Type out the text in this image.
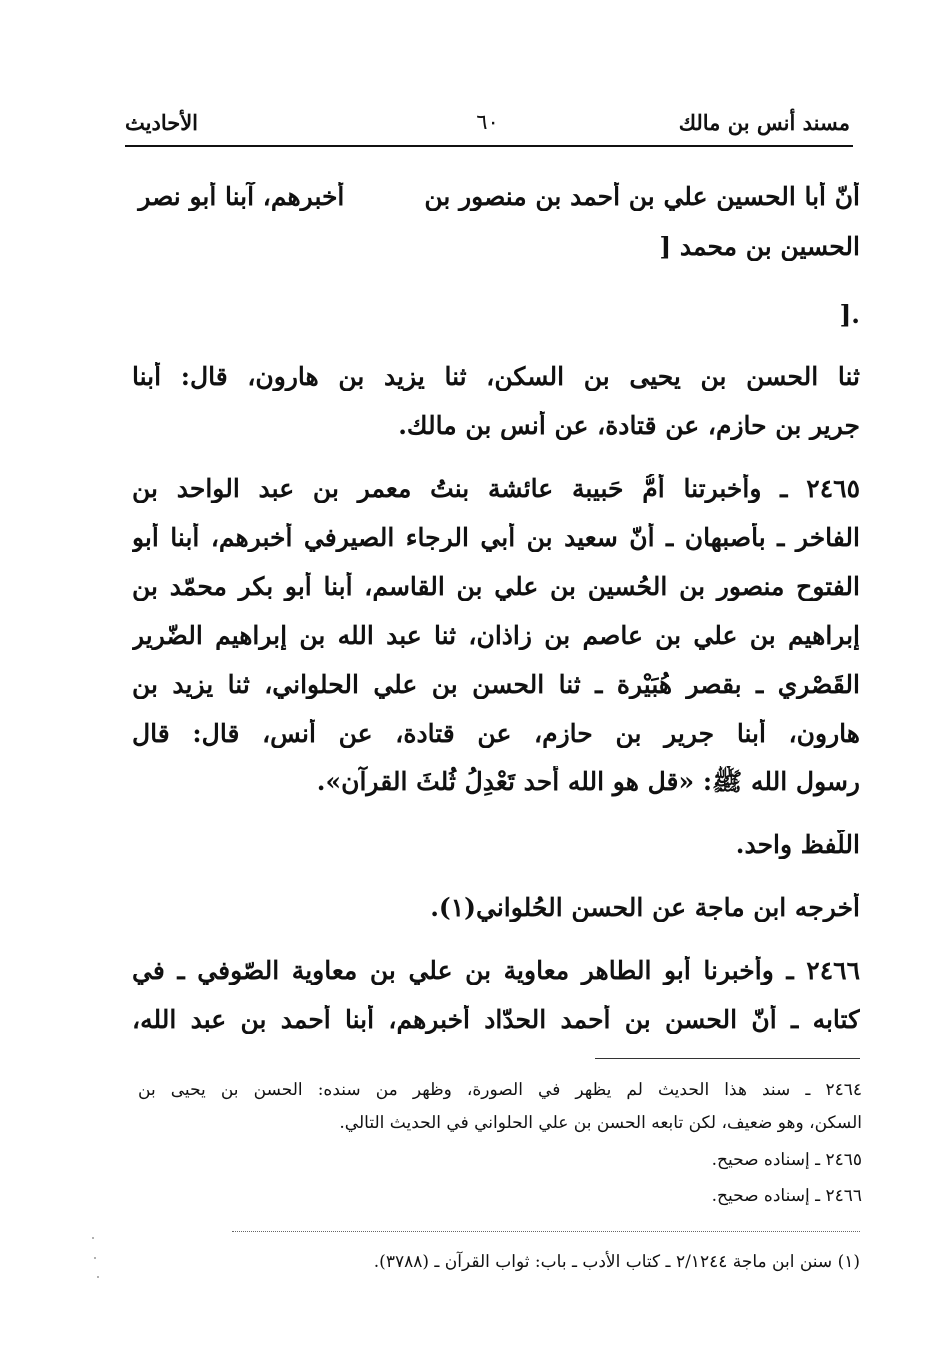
مسند أنس بن مالك
٦٠
الأحاديث
أنّ أبا الحسين علي بن أحمد بن منصور بنأخبرهم، آبنا أبو نصر
الحسين بن محمد [
.[
ثنا الحسن بن يحيى بن السكن، ثنا يزيد بن هارون، قال: أبنا
جرير بن حازم، عن قتادة، عن أنس بن مالك.
٢٤٦٥ ـ وأخبرتنا أمُّ حَبيبة عائشة بنتُ معمر بن عبد الواحد بن
الفاخر ـ بأصبهان ـ أنّ سعيد بن أبي الرجاء الصيرفي أخبرهم، أبنا أبو
الفتوح منصور بن الحُسين بن علي بن القاسم، أبنا أبو بكر محمّد بن
إبراهيم بن علي بن عاصم بن زاذان، ثنا عبد الله بن إبراهيم الضّرير
القَصْري ـ بقصر هُبَيْرة ـ ثنا الحسن بن علي الحلواني، ثنا يزيد بن
هارون، أبنا جرير بن حازم، عن قتادة، عن أنس، قال: قال
رسول الله ﷺ: «قل هو الله أحد تَعْدِلُ ثُلثَ القرآن».
اللّفظ واحد.
أخرجه ابن ماجة عن الحسن الحُلواني(١).
٢٤٦٦ ـ وأخبرنا أبو الطاهر معاوية بن علي بن معاوية الصّوفي ـ في
كتابه ـ أنّ الحسن بن أحمد الحدّاد أخبرهم، أبنا أحمد بن عبد الله،
٢٤٦٤ ـ سند هذا الحديث لم يظهر في الصورة، وظهر من سنده: الحسن بن يحيى بن
السكن، وهو ضعيف، لكن تابعه الحسن بن علي الحلواني في الحديث التالي.
٢٤٦٥ ـ إسناده صحيح.
٢٤٦٦ ـ إسناده صحيح.
(١) سنن ابن ماجة ٢/١٢٤٤ ـ كتاب الأدب ـ باب: ثواب القرآن ـ (٣٧٨٨).
